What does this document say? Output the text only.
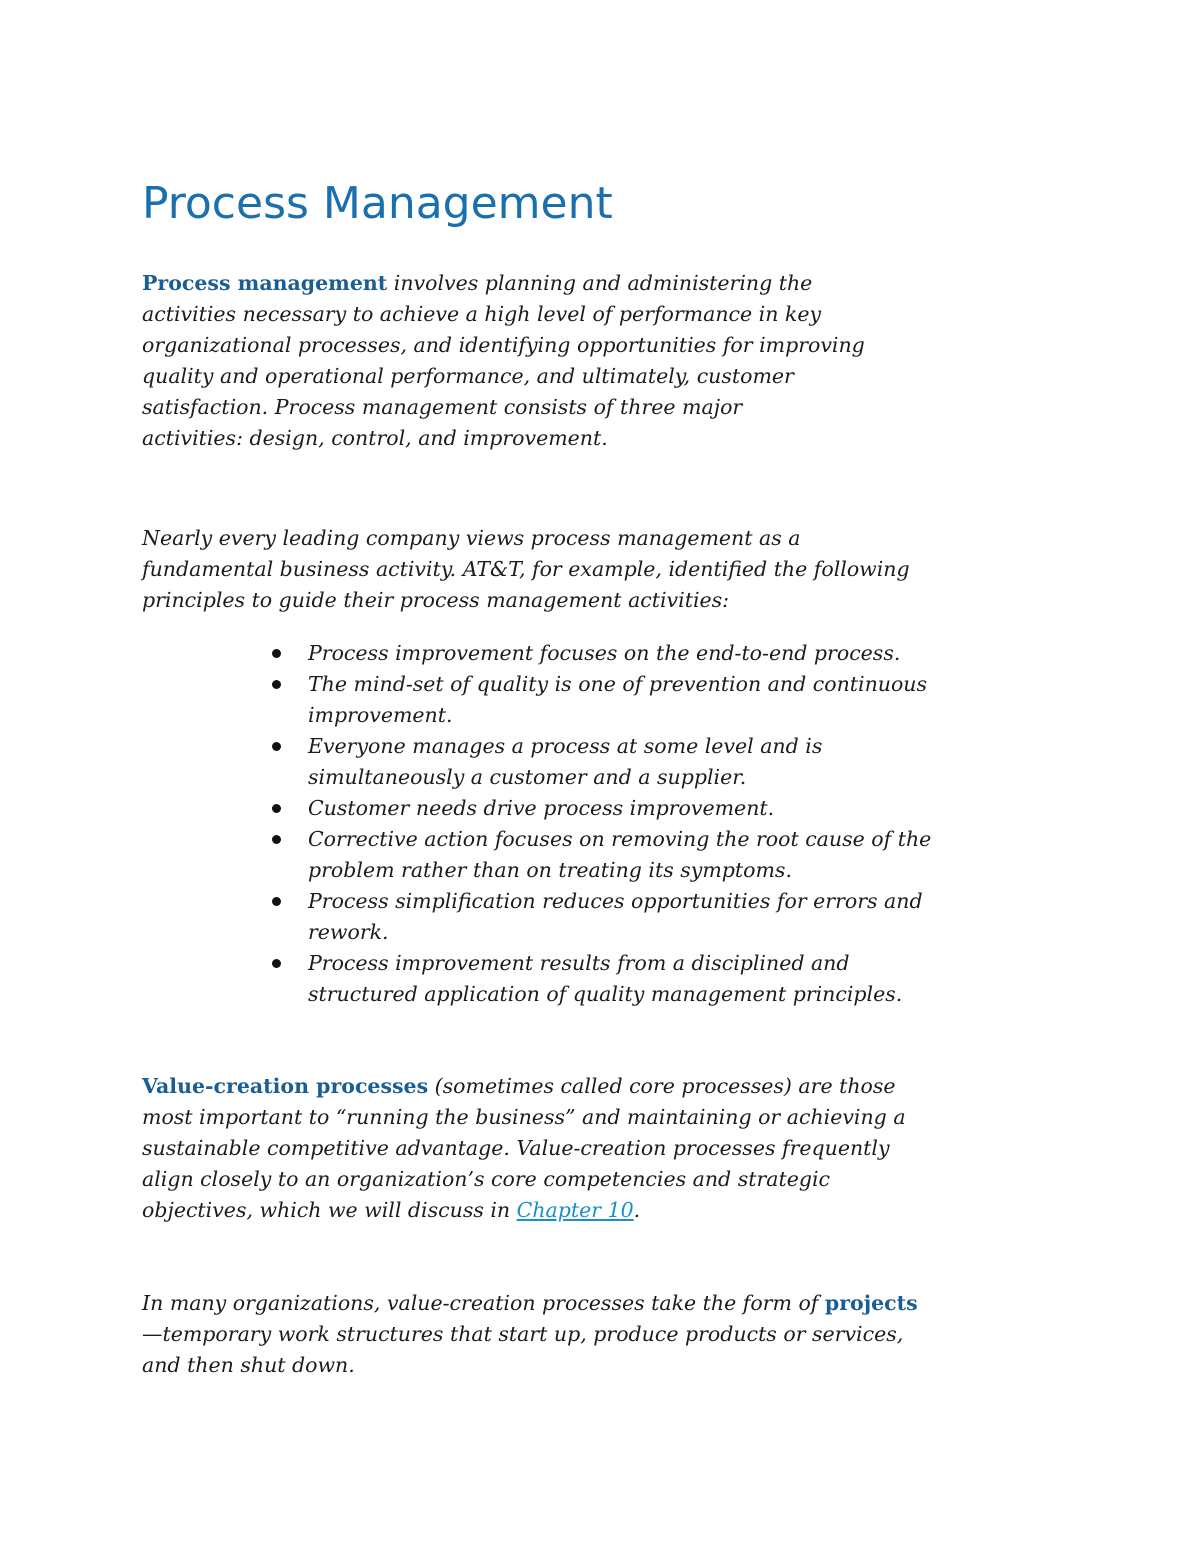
Process Management

Process management involves planning and administering the
activities necessary to achieve a high level of performance in key
organizational processes, and identifying opportunities for improving
quality and operational performance, and ultimately, customer
satisfaction. Process management consists of three major
activities: design, control, and improvement.

Nearly every leading company views process management as a
fundamental business activity. AT&T, for example, identified the following
principles to guide their process management activities:

Process improvement focuses on the end-to-end process.
The mind-set of quality is one of prevention and continuous
improvement.
Everyone manages a process at some level and is
simultaneously a customer and a supplier.
Customer needs drive process improvement.
Corrective action focuses on removing the root cause of the
problem rather than on treating its symptoms.
Process simplification reduces opportunities for errors and
rework.
Process improvement results from a disciplined and
structured application of quality management principles.

Value-creation processes (sometimes called core processes) are those
most important to “running the business” and maintaining or achieving a
sustainable competitive advantage. Value-creation processes frequently
align closely to an organization’s core competencies and strategic
objectives, which we will discuss in Chapter 10.

In many organizations, value-creation processes take the form of projects
—temporary work structures that start up, produce products or services,
and then shut down.
